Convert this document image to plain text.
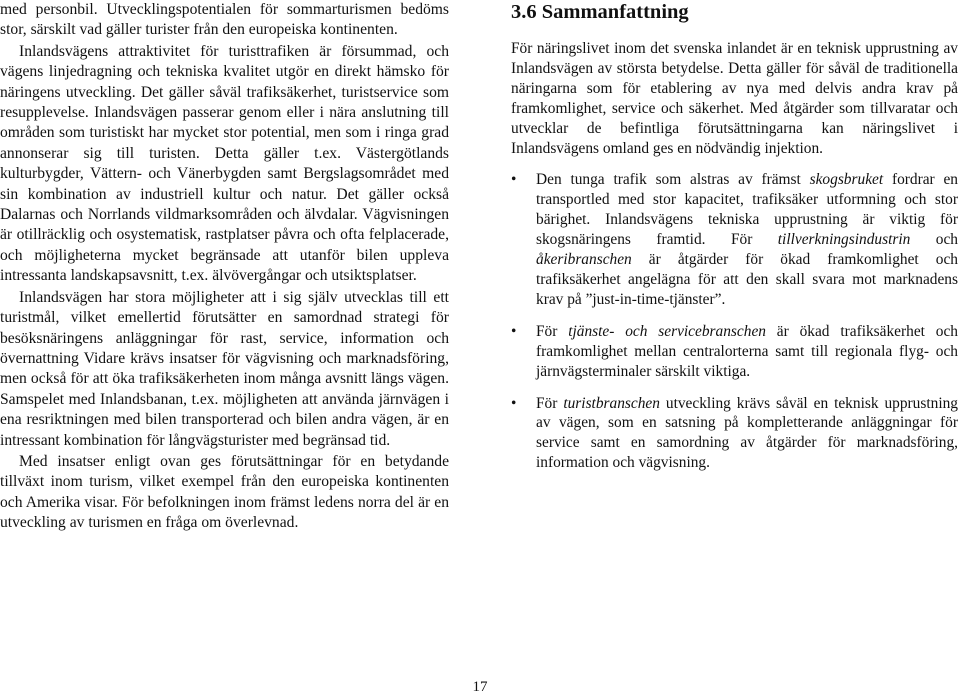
med personbil. Utvecklingspotentialen för sommarturismen bedöms stor, särskilt vad gäller turister från den europeiska kontinenten.

Inlandsvägens attraktivitet för turisttrafiken är försummad, och vägens linjedragning och tekniska kvalitet utgör en direkt hämsko för näringens utveckling. Det gäller såväl trafiksäkerhet, turistservice som resupplevelse. Inlandsvägen passerar genom eller i nära anslutning till områden som turistiskt har mycket stor potential, men som i ringa grad annonserar sig till turisten. Detta gäller t.ex. Västergötlands kulturbygder, Vättern- och Vänerbygden samt Bergslagsområdet med sin kombination av industriell kultur och natur. Det gäller också Dalarnas och Norrlands vildmarksområden och älvdalar. Vägvisningen är otillräcklig och osystematisk, rastplatser påvra och ofta felplacerade, och möjligheterna mycket begränsade att utanför bilen uppleva intressanta landskapsavsnitt, t.ex. älvövergångar och utsiktsplatser.

Inlandsvägen har stora möjligheter att i sig själv utvecklas till ett turistmål, vilket emellertid förutsätter en samordnad strategi för besöksnäringens anläggningar för rast, service, information och övernattning Vidare krävs insatser för vägvisning och marknadsföring, men också för att öka trafiksäkerheten inom många avsnitt längs vägen. Samspelet med Inlandsbanan, t.ex. möjligheten att använda järnvägen i ena resriktningen med bilen transporterad och bilen andra vägen, är en intressant kombination för långvägsturister med begränsad tid.

Med insatser enligt ovan ges förutsättningar för en betydande tillväxt inom turism, vilket exempel från den europeiska kontinenten och Amerika visar. För befolkningen inom främst ledens norra del är en utveckling av turismen en fråga om överlevnad.

3.6 Sammanfattning

För näringslivet inom det svenska inlandet är en teknisk upprustning av Inlandsvägen av största betydelse. Detta gäller för såväl de traditionella näringarna som för etablering av nya med delvis andra krav på framkomlighet, service och säkerhet. Med åtgärder som tillvaratar och utvecklar de befintliga förutsättningarna kan näringslivet i Inlandsvägens omland ges en nödvändig injektion.

• Den tunga trafik som alstras av främst skogsbruket fordrar en transportled med stor kapacitet, trafiksäker utformning och stor bärighet. Inlandsvägens tekniska upprustning är viktig för skogsnäringens framtid. För tillverkningsindustrin och åkeribranschen är åtgärder för ökad framkomlighet och trafiksäkerhet angelägna för att den skall svara mot marknadens krav på ”just-in-time-tjänster”.
• För tjänste- och servicebranschen är ökad trafiksäkerhet och framkomlighet mellan centralorterna samt till regionala flyg- och järnvägsterminaler särskilt viktiga.
• För turistbranschen utveckling krävs såväl en teknisk upprustning av vägen, som en satsning på kompletterande anläggningar för service samt en samordning av åtgärder för marknadsföring, information och vägvisning.
17
